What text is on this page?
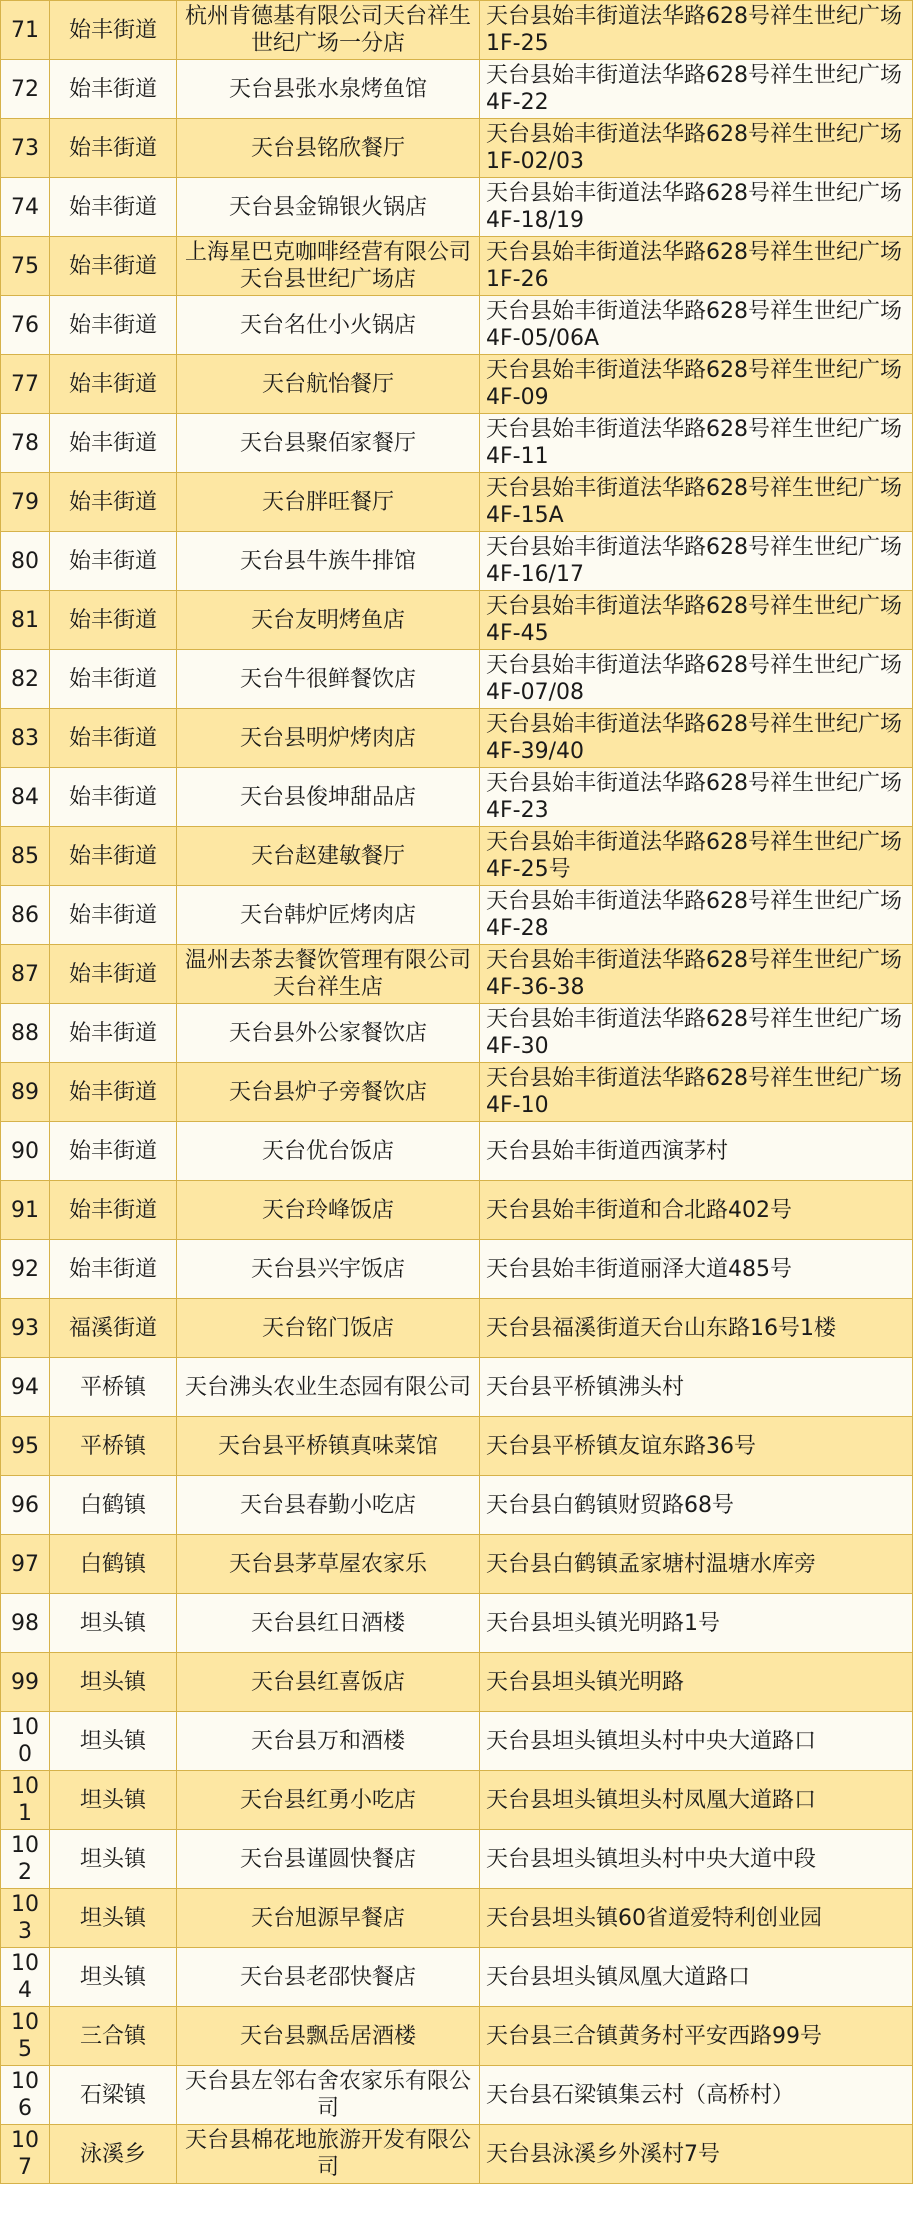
71	始丰街道	杭州肯德基有限公司天台祥生世纪广场一分店	天台县始丰街道法华路628号祥生世纪广场1F-25
72	始丰街道	天台县张水泉烤鱼馆	天台县始丰街道法华路628号祥生世纪广场4F-22
73	始丰街道	天台县铭欣餐厅	天台县始丰街道法华路628号祥生世纪广场1F-02/03
74	始丰街道	天台县金锦银火锅店	天台县始丰街道法华路628号祥生世纪广场4F-18/19
75	始丰街道	上海星巴克咖啡经营有限公司天台县世纪广场店	天台县始丰街道法华路628号祥生世纪广场1F-26
76	始丰街道	天台名仕小火锅店	天台县始丰街道法华路628号祥生世纪广场4F-05/06A
77	始丰街道	天台航怡餐厅	天台县始丰街道法华路628号祥生世纪广场4F-09
78	始丰街道	天台县聚佰家餐厅	天台县始丰街道法华路628号祥生世纪广场4F-11
79	始丰街道	天台胖旺餐厅	天台县始丰街道法华路628号祥生世纪广场4F-15A
80	始丰街道	天台县牛族牛排馆	天台县始丰街道法华路628号祥生世纪广场4F-16/17
81	始丰街道	天台友明烤鱼店	天台县始丰街道法华路628号祥生世纪广场4F-45
82	始丰街道	天台牛很鲜餐饮店	天台县始丰街道法华路628号祥生世纪广场4F-07/08
83	始丰街道	天台县明炉烤肉店	天台县始丰街道法华路628号祥生世纪广场4F-39/40
84	始丰街道	天台县俊坤甜品店	天台县始丰街道法华路628号祥生世纪广场4F-23
85	始丰街道	天台赵建敏餐厅	天台县始丰街道法华路628号祥生世纪广场4F-25号
86	始丰街道	天台韩炉匠烤肉店	天台县始丰街道法华路628号祥生世纪广场4F-28
87	始丰街道	温州去茶去餐饮管理有限公司天台祥生店	天台县始丰街道法华路628号祥生世纪广场4F-36-38
88	始丰街道	天台县外公家餐饮店	天台县始丰街道法华路628号祥生世纪广场4F-30
89	始丰街道	天台县炉子旁餐饮店	天台县始丰街道法华路628号祥生世纪广场4F-10
90	始丰街道	天台优台饭店	天台县始丰街道西演茅村
91	始丰街道	天台玲峰饭店	天台县始丰街道和合北路402号
92	始丰街道	天台县兴宇饭店	天台县始丰街道丽泽大道485号
93	福溪街道	天台铭门饭店	天台县福溪街道天台山东路16号1楼
94	平桥镇	天台沸头农业生态园有限公司	天台县平桥镇沸头村
95	平桥镇	天台县平桥镇真味菜馆	天台县平桥镇友谊东路36号
96	白鹤镇	天台县春勤小吃店	天台县白鹤镇财贸路68号
97	白鹤镇	天台县茅草屋农家乐	天台县白鹤镇孟家塘村温塘水库旁
98	坦头镇	天台县红日酒楼	天台县坦头镇光明路1号
99	坦头镇	天台县红喜饭店	天台县坦头镇光明路
100	坦头镇	天台县万和酒楼	天台县坦头镇坦头村中央大道路口
101	坦头镇	天台县红勇小吃店	天台县坦头镇坦头村凤凰大道路口
102	坦头镇	天台县谨圆快餐店	天台县坦头镇坦头村中央大道中段
103	坦头镇	天台旭源早餐店	天台县坦头镇60省道爱特利创业园
104	坦头镇	天台县老邵快餐店	天台县坦头镇凤凰大道路口
105	三合镇	天台县飘岳居酒楼	天台县三合镇黄务村平安西路99号
106	石梁镇	天台县左邻右舍农家乐有限公司	天台县石梁镇集云村（高桥村）
107	泳溪乡	天台县棉花地旅游开发有限公司	天台县泳溪乡外溪村7号
